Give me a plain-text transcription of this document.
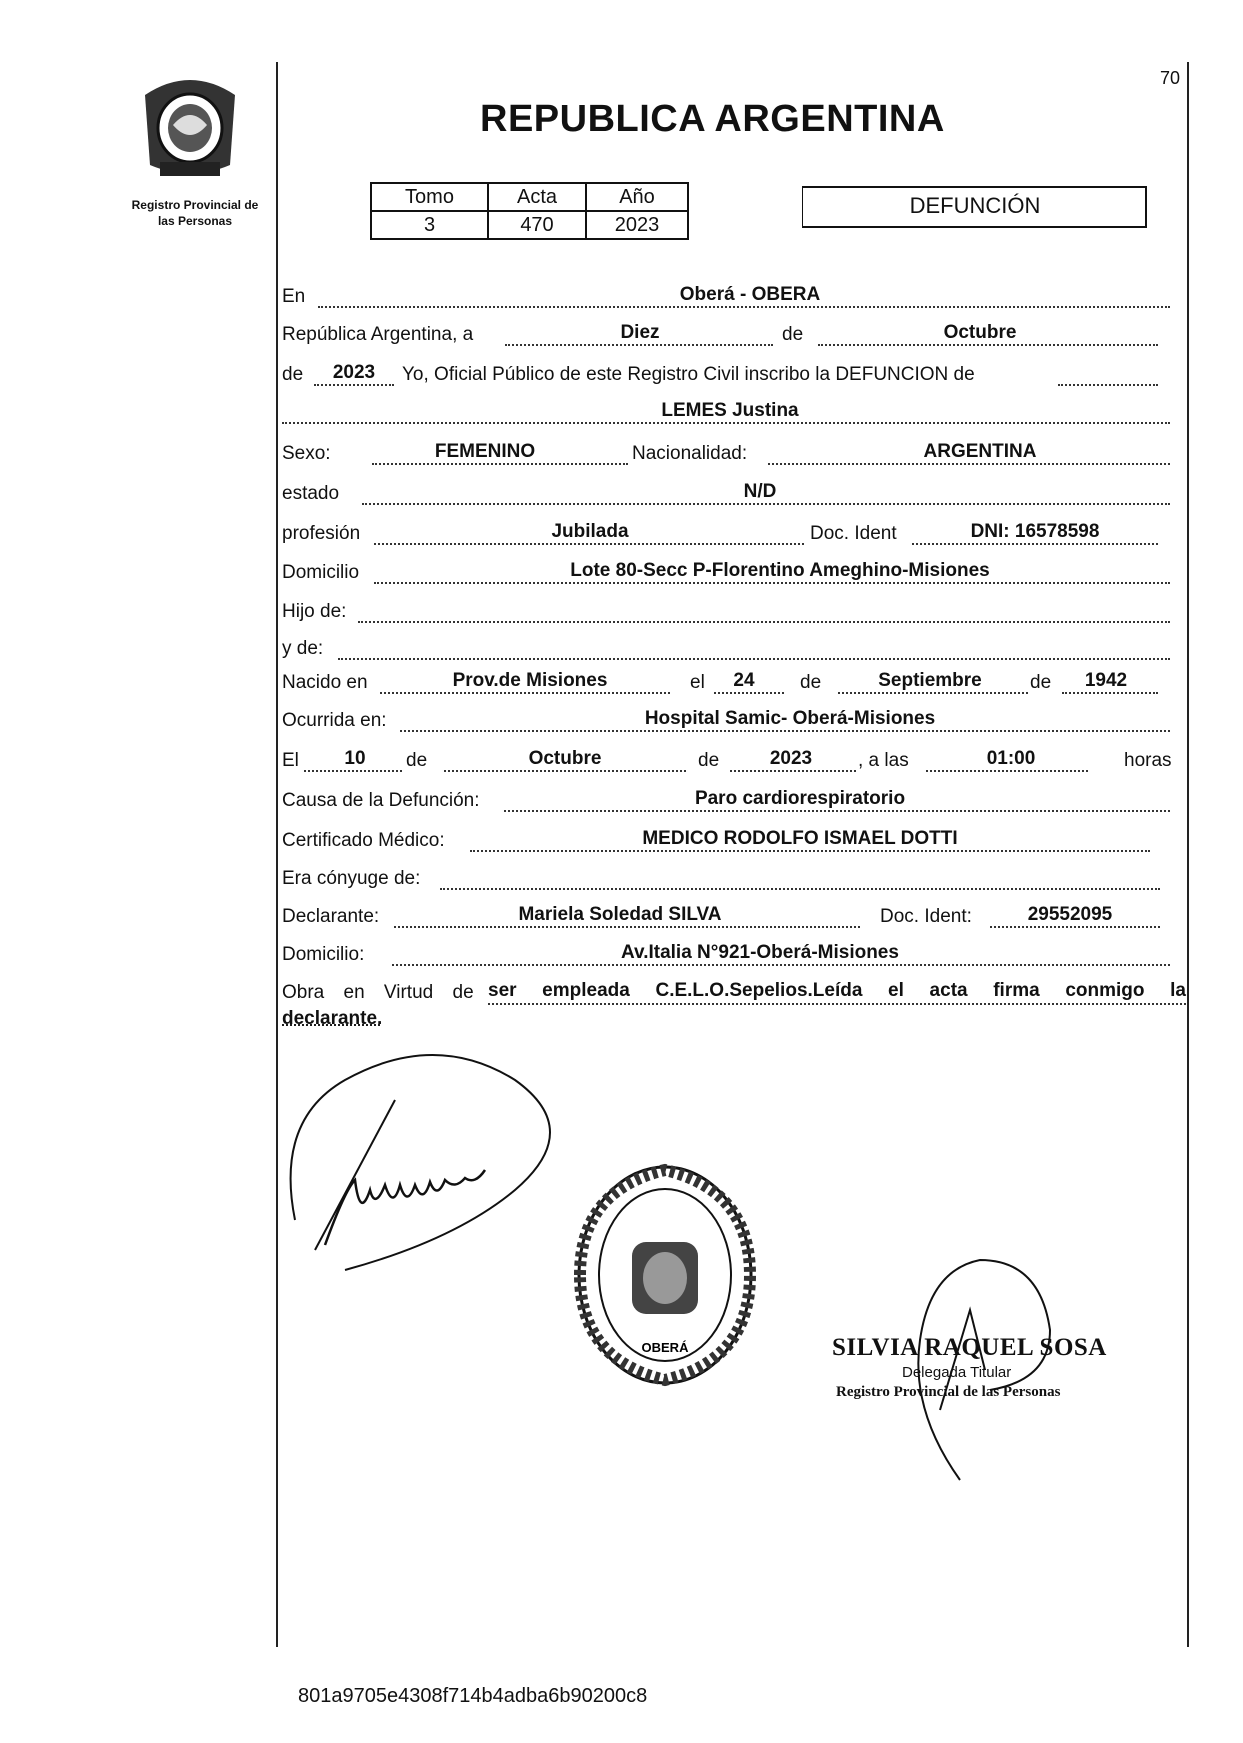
70
Registro Provincial de
las Personas
REPUBLICA ARGENTINA
Tomo	Acta	Año
3	470	2023
DEFUNCIÓN
En	Oberá - OBERA
República Argentina, a	Diez	de	Octubre
de	2023	Yo, Oficial Público de este Registro Civil inscribo la DEFUNCION de
LEMES Justina
Sexo:	FEMENINO	Nacionalidad:	ARGENTINA
estado	N/D
profesión	Jubilada	Doc. Ident	DNI: 16578598
Domicilio	Lote 80-Secc P-Florentino Ameghino-Misiones
Hijo de:
y de:
Nacido en	Prov.de Misiones	el	24	de	Septiembre	de	1942
Ocurrida en:	Hospital Samic- Oberá-Misiones
El	10	de	Octubre	de	2023	, a las	01:00	horas
Causa de la Defunción:	Paro cardiorespiratorio
Certificado Médico:	MEDICO RODOLFO ISMAEL DOTTI
Era cónyuge de:
Declarante:	Mariela Soledad SILVA	Doc. Ident:	29552095
Domicilio:	Av.Italia N°921-Oberá-Misiones
Obra en Virtud de ser empleada C.E.L.O.Sepelios.Leída el acta firma conmigo la
declarante.
OBERÁ	SILVIA RAQUEL SOSA
Delegada Titular
Registro Provincial de las Personas
801a9705e4308f714b4adba6b90200c8
